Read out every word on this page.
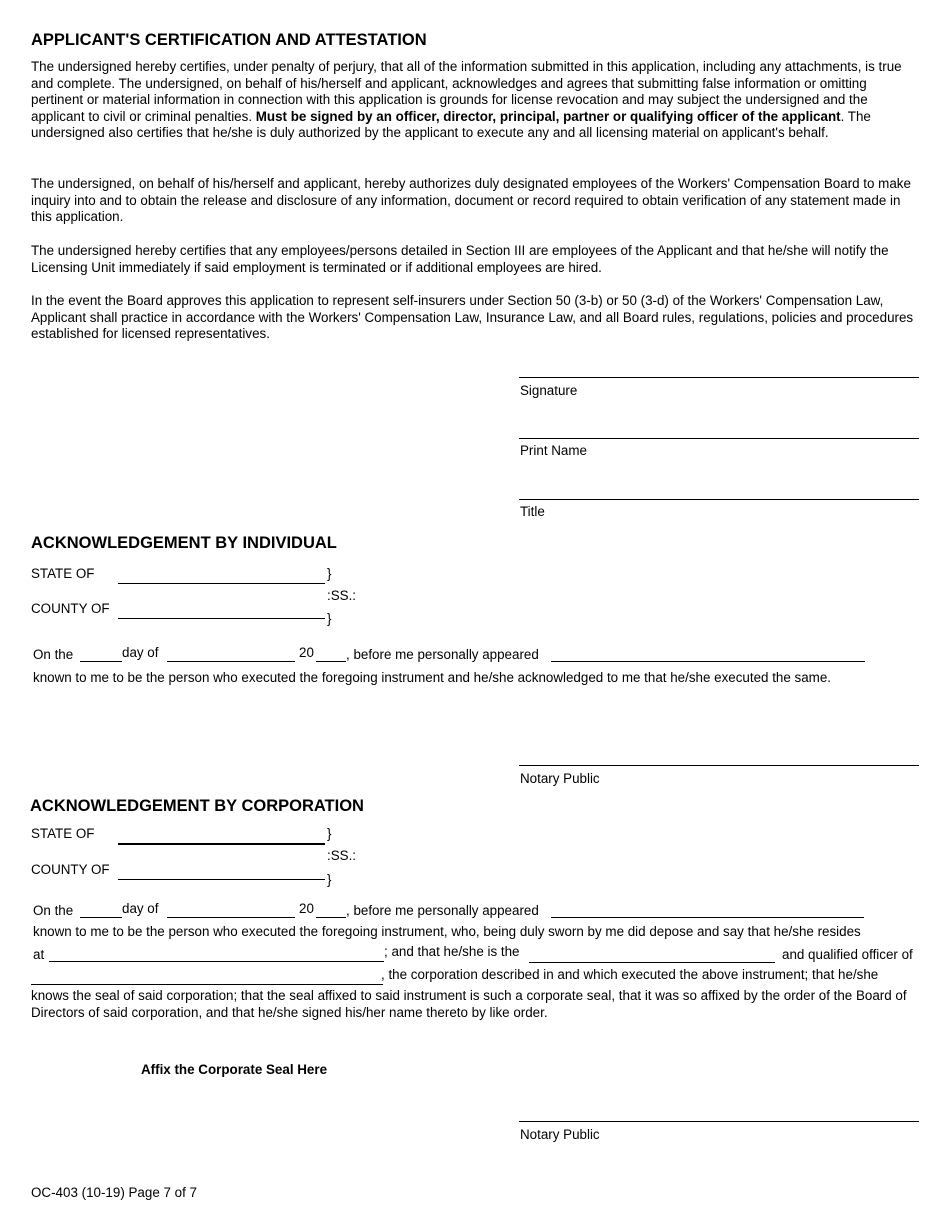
APPLICANT'S CERTIFICATION AND ATTESTATION

The undersigned hereby certifies, under penalty of perjury, that all of the information submitted in this application, including any attachments, is true and complete. The undersigned, on behalf of his/herself and applicant, acknowledges and agrees that submitting false information or omitting pertinent or material information in connection with this application is grounds for license revocation and may subject the undersigned and the applicant to civil or criminal penalties. Must be signed by an officer, director, principal, partner or qualifying officer of the applicant. The undersigned also certifies that he/she is duly authorized by the applicant to execute any and all licensing material on applicant's behalf.

The undersigned, on behalf of his/herself and applicant, hereby authorizes duly designated employees of the Workers' Compensation Board to make inquiry into and to obtain the release and disclosure of any information, document or record required to obtain verification of any statement made in this application.

The undersigned hereby certifies that any employees/persons detailed in Section III are employees of the Applicant and that he/she will notify the Licensing Unit immediately if said employment is terminated or if additional employees are hired.

In the event the Board approves this application to represent self-insurers under Section 50 (3-b) or 50 (3-d) of the Workers' Compensation Law, Applicant shall practice in accordance with the Workers' Compensation Law, Insurance Law, and all Board rules, regulations, policies and procedures established for licensed representatives.

Signature
Print Name
Title
ACKNOWLEDGEMENT BY INDIVIDUAL
STATE OF	}
:SS.:
COUNTY OF
}
On the	day of	20 , before me personally appeared
known to me to be the person who executed the foregoing instrument and he/she acknowledged to me that he/she executed the same.
Notary Public
ACKNOWLEDGEMENT BY CORPORATION
STATE OF	}
:SS.:
COUNTY OF
}
On the	day of	20 , before me personally appeared
known to me to be the person who executed the foregoing instrument, who, being duly sworn by me did depose and say that he/she resides
at	; and that he/she is the	and qualified officer of
, the corporation described in and which executed the above instrument; that he/she

knows the seal of said corporation; that the seal affixed to said instrument is such a corporate seal, that it was so affixed by the order of the Board of Directors of said corporation, and that he/she signed his/her name thereto by like order.

Affix the Corporate Seal Here
Notary Public
OC-403 (10-19) Page 7 of 7
